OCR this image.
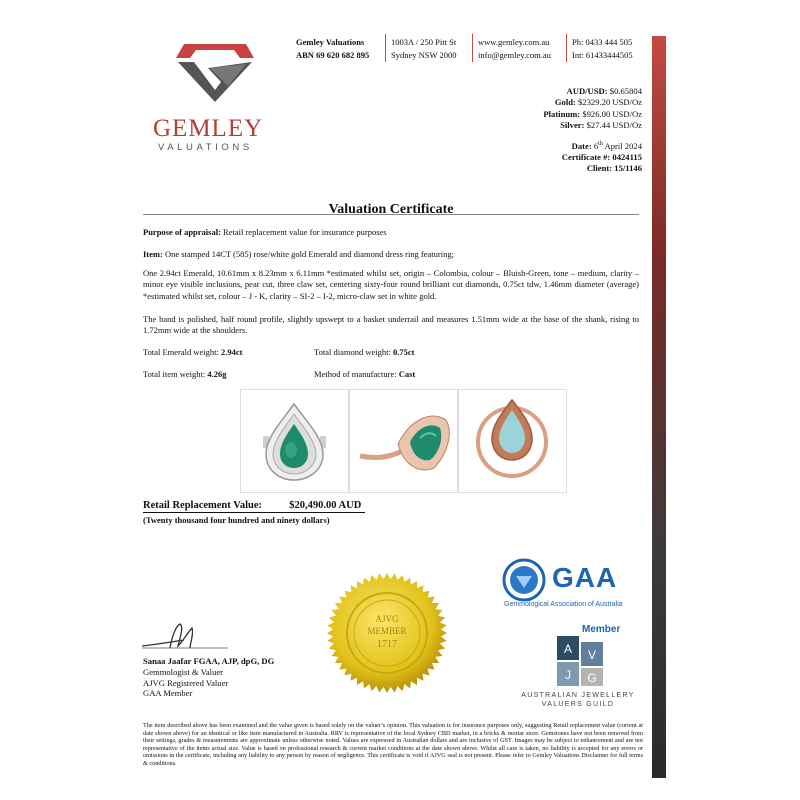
GEMLEY
VALUATIONS
Gemley Valuations
ABN 69 620 682 895
1003A / 250 Pitt St
Sydney NSW 2000
www.gemley.com.au
info@gemley.com.au
Ph: 0433 444 505
Int: 61433444505
AUD/USD: $0.65804
Gold: $2329.20 USD/Oz
Platinum: $926.00 USD/Oz
Silver: $27.44 USD/Oz
Date: 6th April 2024
Certificate #: 0424115
Client: 15/1146
Valuation Certificate
Purpose of appraisal: Retail replacement value for insurance purposes
Item: One stamped 14CT (585) rose/white gold Emerald and diamond dress ring featuring;
One 2.94ct Emerald, 10.61mm x 8.23mm x 6.11mm *estimated whilst set, origin – Colombia, colour – Bluish-Green, tone – medium, clarity – minor eye visible inclusions, pear cut, three claw set, centering sixty-four round brilliant cut diamonds, 0.75ct tdw, 1.46mm diameter (average) *estimated whilst set, colour – J - K, clarity – SI-2 – I-2, micro-claw set in white gold.
The band is polished, half round profile, slightly upswept to a basket underrail and measures 1.51mm wide at the base of the shank, rising to 1.72mm wide at the shoulders.
Total Emerald weight: 2.94ct	Total diamond weight: 0.75ct
Total item weight: 4.26g	Method of manufacture: Cast
Retail Replacement Value:	$20,490.00 AUD
(Twenty thousand four hundred and ninety dollars)
Sanaa Jaafar FGAA, AJP, dpG, DG
Gemmologist & Valuer
AJVG Registered Valuer
GAA Member
AJVG
MEMBER
1717
GAA
Gemmological Association of Australia
Member
A V
J G
AUSTRALIAN JEWELLERY
VALUERS GUILD
The item described above has been examined and the value given is based solely on the valuer’s opinion. This valuation is for insurance purposes only, suggesting Retail replacement value (current at date shown above) for an identical or like item manufactured in Australia. RRV is representative of the local Sydney CBD market, in a bricks & mortar store. Gemstones have not been removed from their settings, grades & measurements are approximate unless otherwise noted. Values are expressed in Australian dollars and are inclusive of GST. Images may be subject to enhancement and are not representative of the items actual size. Value is based on professional research & current market conditions at the date shown above. Whilst all care is taken, no liability is accepted for any errors or omissions in the certificate, including any liability to any person by reason of negligence. This certificate is void if AJVG seal is not present. Please refer to Gemley Valuations Disclaimer for full terms & conditions.
